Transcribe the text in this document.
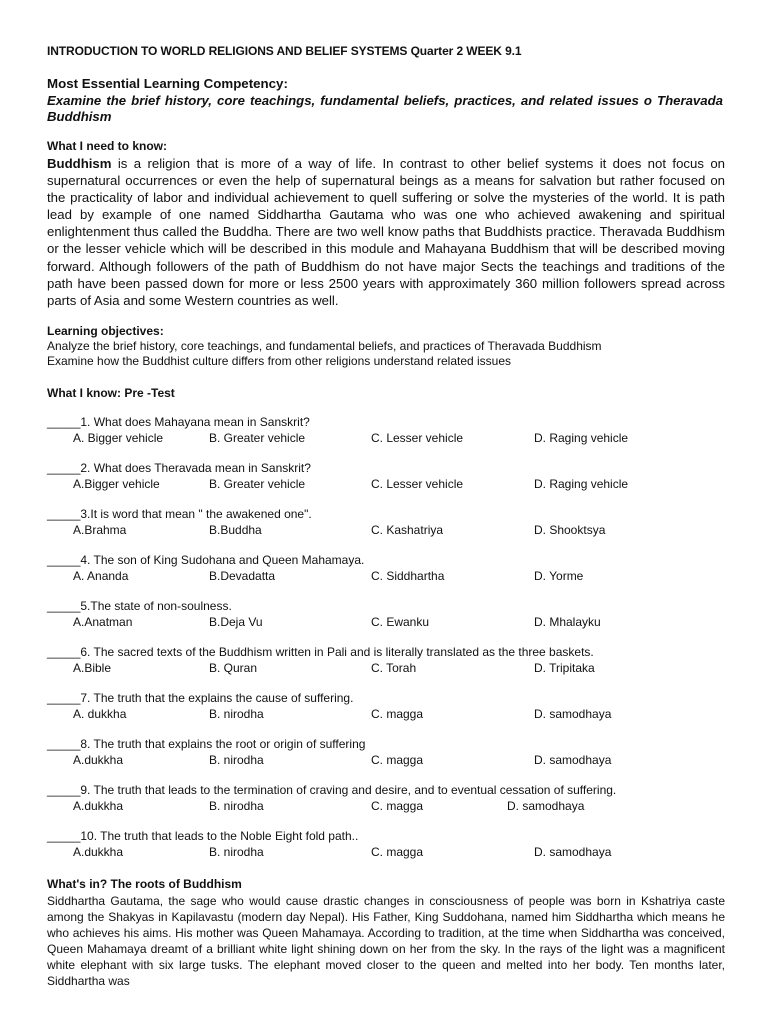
INTRODUCTION TO WORLD RELIGIONS AND BELIEF SYSTEMS Quarter 2 WEEK 9.1
Most Essential Learning Competency:
Examine the brief history, core teachings, fundamental beliefs, practices, and related issues o Theravada Buddhism
What I need to know:
Buddhism is a religion that is more of a way of life. In contrast to other belief systems it does not focus on supernatural occurrences or even the help of supernatural beings as a means for salvation but rather focused on the practicality of labor and individual achievement to quell suffering or solve the mysteries of the world. It is path lead by example of one named Siddhartha Gautama who was one who achieved awakening and spiritual enlightenment thus called the Buddha. There are two well know paths that Buddhists practice. Theravada Buddhism or the lesser vehicle which will be described in this module and Mahayana Buddhism that will be described moving forward. Although followers of the path of Buddhism do not have major Sects the teachings and traditions of the path have been passed down for more or less 2500 years with approximately 360 million followers spread across parts of Asia and some Western countries as well.
Learning objectives:
Analyze the brief history, core teachings, and fundamental beliefs, and practices of Theravada Buddhism
Examine how the Buddhist culture differs from other religions understand related issues
What I know: Pre -Test
_____1. What does Mahayana mean in Sanskrit?
A. Bigger vehicle	B. Greater vehicle	C. Lesser vehicle	D. Raging vehicle
_____2. What does Theravada mean in Sanskrit?
A.Bigger vehicle	B. Greater vehicle	C. Lesser vehicle	D. Raging vehicle
_____3.It is word that mean " the awakened one".
A.Brahma	B.Buddha	C. Kashatriya	D. Shooktsya
_____4. The son of King Sudohana and Queen Mahamaya.
A. Ananda	B.Devadatta	C. Siddhartha	D. Yorme
_____5.The state of non-soulness.
A.Anatman	B.Deja Vu	C. Ewanku	D. Mhalayku
_____6. The sacred texts of the Buddhism written in Pali and is literally translated as the three baskets.
A.Bible	B. Quran	C. Torah	D. Tripitaka
_____7. The truth that the explains the cause of suffering.
A. dukkha	B. nirodha	C. magga	D. samodhaya
_____8. The truth that explains the root or origin of suffering
A.dukkha	B. nirodha	C. magga	D. samodhaya
_____9. The truth that leads to the termination of craving and desire, and to eventual cessation of suffering.
A.dukkha	B. nirodha	C. magga	D. samodhaya
_____10. The truth that leads to the Noble Eight fold path..
A.dukkha	B. nirodha	C. magga	D. samodhaya
What's in? The roots of Buddhism
Siddhartha Gautama, the sage who would cause drastic changes in consciousness of people was born in Kshatriya caste among the Shakyas in Kapilavastu (modern day Nepal). His Father, King Suddohana, named him Siddhartha which means he who achieves his aims. His mother was Queen Mahamaya. According to tradition, at the time when Siddhartha was conceived, Queen Mahamaya dreamt of a brilliant white light shining down on her from the sky. In the rays of the light was a magnificent white elephant with six large tusks. The elephant moved closer to the queen and melted into her body. Ten months later, Siddhartha was
